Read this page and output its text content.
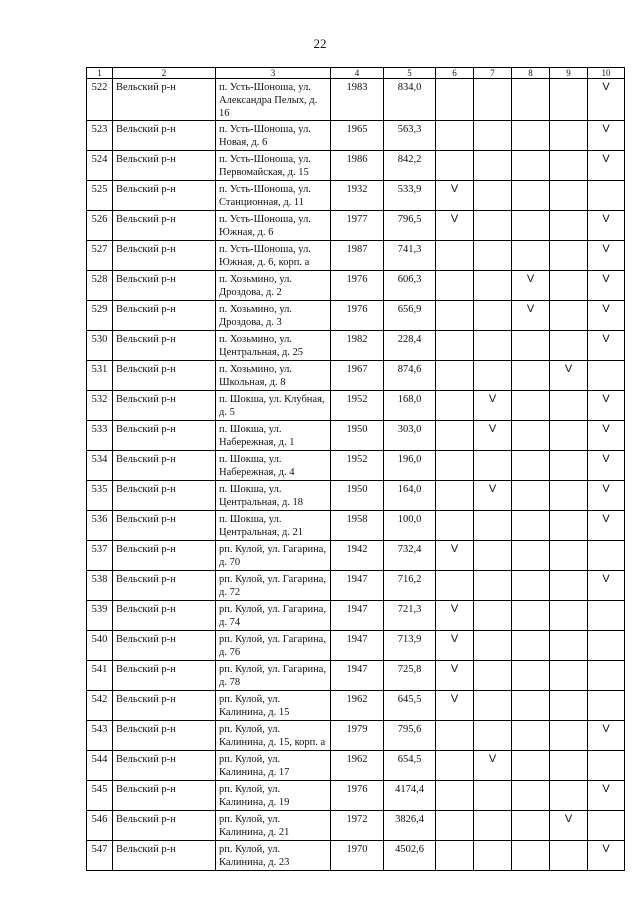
22
1	2	3	4	5	6	7	8	9	10
522	Вельский р-н	п. Усть-Шоноша, ул. Александра Пелых, д. 16	1983	834,0					V
523	Вельский р-н	п. Усть-Шоноша, ул. Новая, д. 6	1965	563,3					V
524	Вельский р-н	п. Усть-Шоноша, ул. Первомайская, д. 15	1986	842,2					V
525	Вельский р-н	п. Усть-Шоноша, ул. Станционная, д. 11	1932	533,9	V				
526	Вельский р-н	п. Усть-Шоноша, ул. Южная, д. 6	1977	796,5	V				V
527	Вельский р-н	п. Усть-Шоноша, ул. Южная, д. 6, корп. а	1987	741,3					V
528	Вельский р-н	п. Хозьмино, ул. Дроздова, д. 2	1976	606,3			V		V
529	Вельский р-н	п. Хозьмино, ул. Дроздова, д. 3	1976	656,9			V		V
530	Вельский р-н	п. Хозьмино, ул. Центральная, д. 25	1982	228,4					V
531	Вельский р-н	п. Хозьмино, ул. Школьная, д. 8	1967	874,6				V	
532	Вельский р-н	п. Шокша, ул. Клубная, д. 5	1952	168,0		V			V
533	Вельский р-н	п. Шокша, ул. Набережная, д. 1	1950	303,0		V			V
534	Вельский р-н	п. Шокша, ул. Набережная, д. 4	1952	196,0					V
535	Вельский р-н	п. Шокша, ул. Центральная, д. 18	1950	164,0		V			V
536	Вельский р-н	п. Шокша, ул. Центральная, д. 21	1958	100,0					V
537	Вельский р-н	рп. Кулой, ул. Гагарина, д. 70	1942	732,4	V				
538	Вельский р-н	рп. Кулой, ул. Гагарина, д. 72	1947	716,2					V
539	Вельский р-н	рп. Кулой, ул. Гагарина, д. 74	1947	721,3	V				
540	Вельский р-н	рп. Кулой, ул. Гагарина, д. 76	1947	713,9	V				
541	Вельский р-н	рп. Кулой, ул. Гагарина, д. 78	1947	725,8	V				
542	Вельский р-н	рп. Кулой, ул. Калинина, д. 15	1962	645,5	V				
543	Вельский р-н	рп. Кулой, ул. Калинина, д. 15, корп. а	1979	795,6					V
544	Вельский р-н	рп. Кулой, ул. Калинина, д. 17	1962	654,5		V			
545	Вельский р-н	рп. Кулой, ул. Калинина, д. 19	1976	4174,4					V
546	Вельский р-н	рп. Кулой, ул. Калинина, д. 21	1972	3826,4				V	
547	Вельский р-н	рп. Кулой, ул. Калинина, д. 23	1970	4502,6					V
